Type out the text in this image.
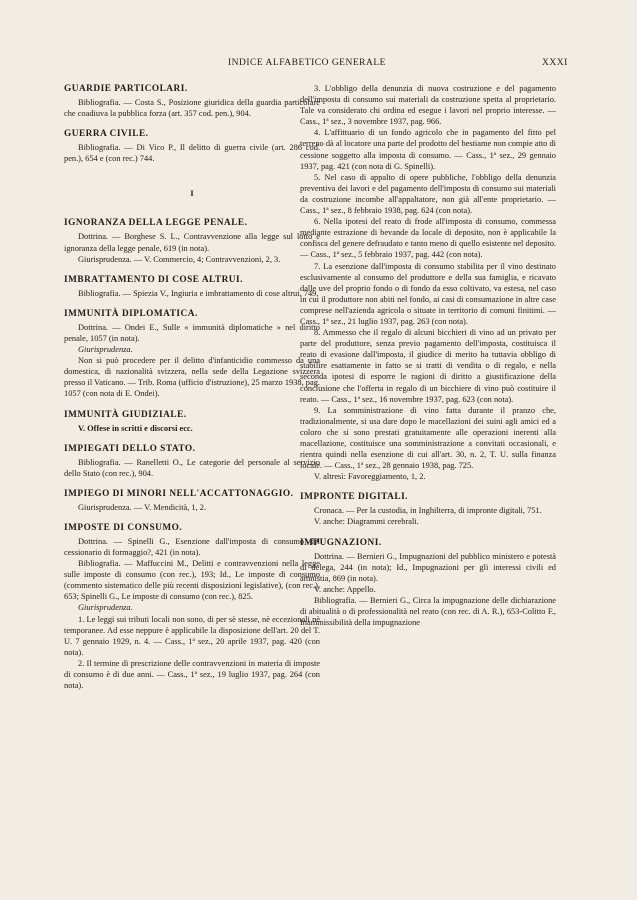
INDICE ALFABETICO GENERALE	XXXI
GUARDIE PARTICOLARI.

Bibliografia. — Costa S., Posizione giuridica della guardia particolare che coadiuva la pubblica forza (art. 357 cod. pen.), 904.

GUERRA CIVILE.

Bibliografia. — Di Vico P., Il delitto di guerra civile (art. 286 cod. pen.), 654 e (con rec.) 744.

I
IGNORANZA DELLA LEGGE PENALE.

Dottrina. — Borghese S. L., Contravvenzione alla legge sul lotto e ignoranza della legge penale, 619 (in nota).

Giurisprudenza. — V. Commercio, 4; Contravvenzioni, 2, 3.

IMBRATTAMENTO DI COSE ALTRUI.

Bibliografia. — Spiezia V., Ingiuria e imbrattamento di cose altrui, 749.

IMMUNITÀ DIPLOMATICA.

Dottrina. — Ondei E., Sulle « immunità diplomatiche » nel diritto penale, 1057 (in nota).

Giurisprudenza.

Non si può procedere per il delitto d'infanticidio commesso da una domestica, di nazionalità svizzera, nella sede della Legazione svizzera presso il Vaticano. — Trib. Roma (ufficio d'istruzione), 25 marzo 1938, pag. 1057 (con nota di E. Ondei).

IMMUNITÀ GIUDIZIALE.

V. Offese in scritti e discorsi ecc.

IMPIEGATI DELLO STATO.

Bibliografia. — Ranelletti O., Le categorie del personale al servizio dello Stato (con rec.), 904.

IMPIEGO DI MINORI NELL'ACCATTONAGGIO.

Giurisprudenza. — V. Mendicità, 1, 2.

IMPOSTE DI CONSUMO.

Dottrina. — Spinelli G., Esenzione dall'imposta di consumo del cessionario di formaggio?, 421 (in nota).

Bibliografia. — Maffuccini M., Delitti e contravvenzioni nella legge sulle imposte di consumo (con rec.), 193; Id., Le imposte di consumo (commento sistematico delle più recenti disposizioni legislative), (con rec.), 653; Spinelli G., Le imposte di consumo (con rec.), 825.

Giurisprudenza.

1. Le leggi sui tributi locali non sono, di per sè stesse, nè eccezionali nè temporanee. Ad esse neppure è applicabile la disposizione dell'art. 20 del T. U. 7 gennaio 1929, n. 4. — Cass., 1ª sez., 20 aprile 1937, pag. 420 (con nota).

2. Il termine di prescrizione delle contravvenzioni in materia di imposte di consumo è di due anni. — Cass., 1ª sez., 19 luglio 1937, pag. 264 (con nota).

3. L'obbligo della denunzia di nuova costruzione e del pagamento dell'imposta di consumo sui materiali da costruzione spetta al proprietario. Tale va considerato chi ordina ed esegue i lavori nel proprio interesse. — Cass., 1ª sez., 3 novembre 1937, pag. 966.

4. L'affittuario di un fondo agricolo che in pagamento del fitto pel terreno dà al locatore una parte del prodotto del bestiame non compie atto di cessione soggetto alla imposta di consumo. — Cass., 1ª sez., 29 gennaio 1937, pag. 421 (con nota di G. Spinelli).

5. Nel caso di appalto di opere pubbliche, l'obbligo della denunzia preventiva dei lavori e del pagamento dell'imposta di consumo sui materiali da costruzione incombe all'appaltatore, non già all'ente proprietario. — Cass., 1ª sez., 8 febbraio 1938, pag. 624 (con nota).

6. Nella ipotesi del reato di frode all'imposta di consumo, commessa mediante estrazione di bevande da locale di deposito, non è applicabile la confisca del genere defraudato e tanto meno di quello esistente nel deposito. — Cass., 1ª sez., 5 febbraio 1937, pag. 442 (con nota).

7. La esenzione dall'imposta di consumo stabilita per il vino destinato esclusivamente al consumo del produttore e della sua famiglia, e ricavato dalle uve del proprio fondo o di fondo da esso coltivato, va estesa, nel caso in cui il produttore non abiti nel fondo, ai casi di consumazione in altre case comprese nell'azienda agricola o situate in territorio di comuni finitimi. — Cass., 1ª sez., 21 luglio 1937, pag. 263 (con nota).

8. Ammesso che il regalo di alcuni bicchieri di vino ad un privato per parte del produttore, senza previo pagamento dell'imposta, costituisca il reato di evasione dall'imposta, il giudice di merito ha tuttavia obbligo di stabilire esattamente in fatto se si tratti di vendita o di regalo, e nella seconda ipotesi di esporre le ragioni di diritto a giustificazione della conclusione che l'offerta in regalo di un bicchiere di vino può costituire il reato. — Cass., 1ª sez., 16 novembre 1937, pag. 623 (con nota).

9. La somministrazione di vino fatta durante il pranzo che, tradizionalmente, si usa dare dopo le macellazioni dei suini agli amici ed a coloro che si sono prestati gratuitamente alle operazioni inerenti alla macellazione, costituisce una somministrazione a convitati occasionali, e rientra quindi nella esenzione di cui all'art. 30, n. 2, T. U. sulla finanza locale. — Cass., 1ª sez., 28 gennaio 1938, pag. 725.

V. altresì: Favoreggiamento, 1, 2.

IMPRONTE DIGITALI.

Cronaca. — Per la custodia, in Inghilterra, di impronte digitali, 751.

V. anche: Diagrammi cerebrali.

IMPUGNAZIONI.

Dottrina. — Bernieri G., Impugnazioni del pubblico ministero e potestà di delega, 244 (in nota); Id., Impugnazioni per gli interessi civili ed amnistia, 869 (in nota).

V. anche: Appello.

Bibliografia. — Bernieri G., Circa la impugnazione delle dichiarazione di abitualità o di professionalità nel reato (con rec. di A. R.), 653-Colitto F., Inammissibilità della impugnazione
